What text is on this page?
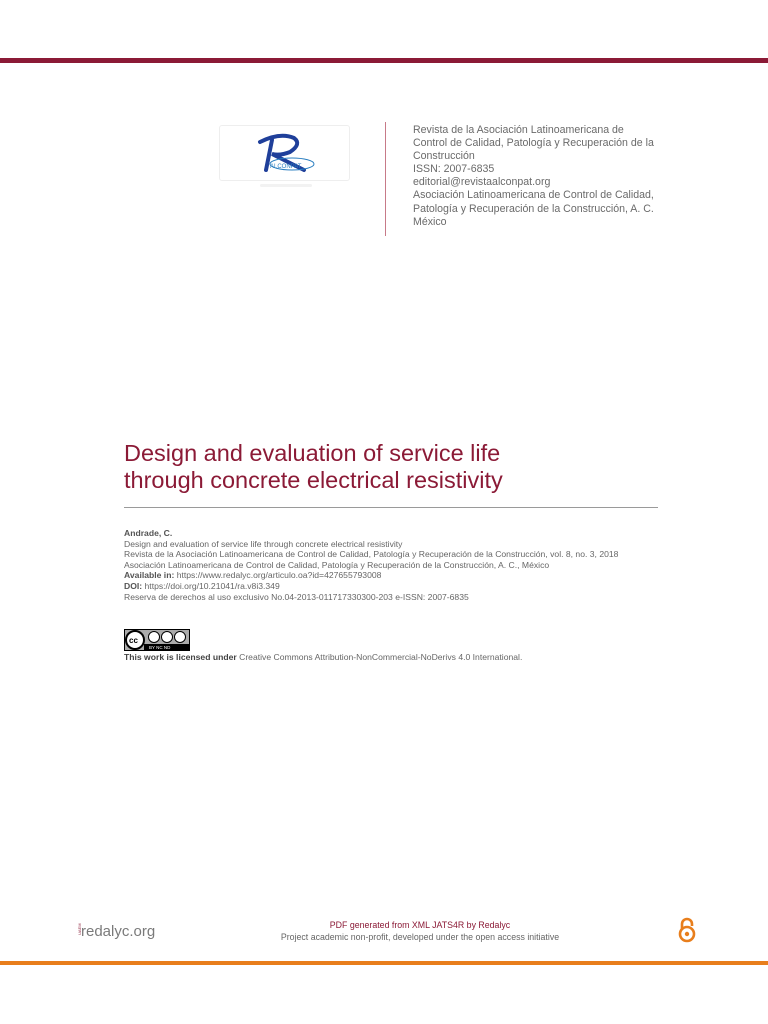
ALCONPAT
Revista de la Asociación Latinoamericana de
Control de Calidad, Patología y Recuperación de la
Construcción
ISSN: 2007-6835
editorial@revistaalconpat.org
Asociación Latinoamericana de Control de Calidad,
Patología y Recuperación de la Construcción, A. C.
México
Design and evaluation of service life
through concrete electrical resistivity
Andrade, C.
Design and evaluation of service life through concrete electrical resistivity
Revista de la Asociación Latinoamericana de Control de Calidad, Patología y Recuperación de la Construcción, vol. 8, no. 3, 2018
Asociación Latinoamericana de Control de Calidad, Patología y Recuperación de la Construcción, A. C., México
Available in: https://www.redalyc.org/articulo.oa?id=427655793008
DOI: https://doi.org/10.21041/ra.v8i3.349
Reserva de derechos al uso exclusivo No.04-2013-011717330300-203 e-ISSN: 2007-6835
cc
BY NC ND
This work is licensed under Creative Commons Attribution-NonCommercial-NoDerivs 4.0 International.
UAEM redalyc.org	PDF generated from XML JATS4R by Redalyc
Project academic non-profit, developed under the open access initiative
